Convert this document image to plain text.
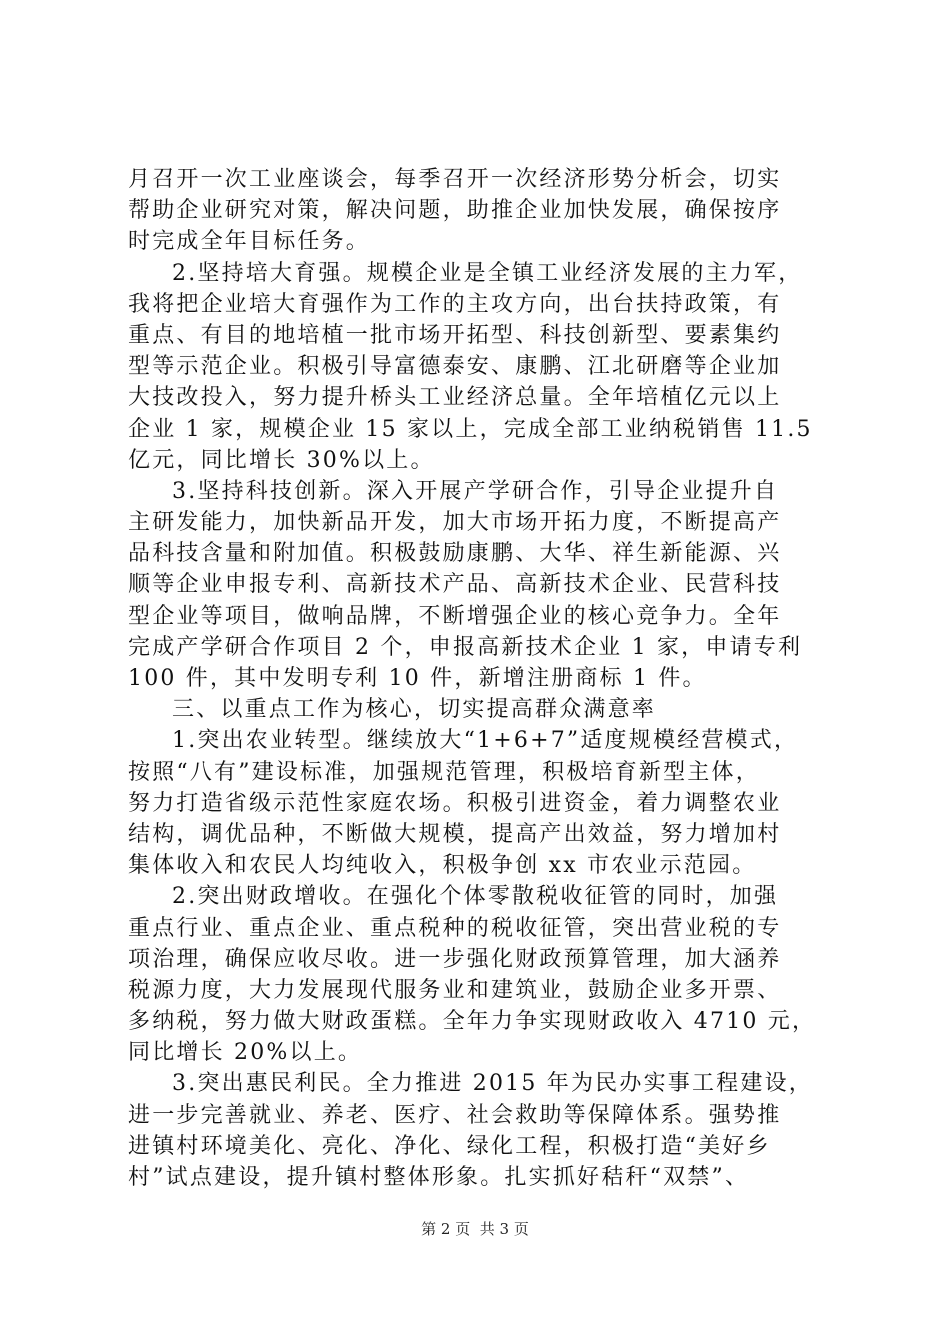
月召开一次工业座谈会，每季召开一次经济形势分析会，切实
帮助企业研究对策，解决问题，助推企业加快发展，确保按序
时完成全年目标任务。
2.坚持培大育强。规模企业是全镇工业经济发展的主力军，
我将把企业培大育强作为工作的主攻方向，出台扶持政策，有
重点、有目的地培植一批市场开拓型、科技创新型、要素集约
型等示范企业。积极引导富德泰安、康鹏、江北研磨等企业加
大技改投入，努力提升桥头工业经济总量。全年培植亿元以上
企业 1 家，规模企业 15 家以上，完成全部工业纳税销售 11.5
亿元，同比增长 30%以上。
3.坚持科技创新。深入开展产学研合作，引导企业提升自
主研发能力，加快新品开发，加大市场开拓力度，不断提高产
品科技含量和附加值。积极鼓励康鹏、大华、祥生新能源、兴
顺等企业申报专利、高新技术产品、高新技术企业、民营科技
型企业等项目，做响品牌，不断增强企业的核心竞争力。全年
完成产学研合作项目 2 个，申报高新技术企业 1 家，申请专利
100 件，其中发明专利 10 件，新增注册商标 1 件。
三、以重点工作为核心，切实提高群众满意率
1.突出农业转型。继续放大“1+6+7”适度规模经营模式，
按照“八有”建设标准，加强规范管理，积极培育新型主体，
努力打造省级示范性家庭农场。积极引进资金，着力调整农业
结构，调优品种，不断做大规模，提高产出效益，努力增加村
集体收入和农民人均纯收入，积极争创 xx 市农业示范园。
2.突出财政增收。在强化个体零散税收征管的同时，加强
重点行业、重点企业、重点税种的税收征管，突出营业税的专
项治理，确保应收尽收。进一步强化财政预算管理，加大涵养
税源力度，大力发展现代服务业和建筑业，鼓励企业多开票、
多纳税，努力做大财政蛋糕。全年力争实现财政收入 4710 元，
同比增长 20%以上。
3.突出惠民利民。全力推进 2015 年为民办实事工程建设，
进一步完善就业、养老、医疗、社会救助等保障体系。强势推
进镇村环境美化、亮化、净化、绿化工程，积极打造“美好乡
村”试点建设，提升镇村整体形象。扎实抓好秸秆“双禁”、
第 2 页  共 3 页
